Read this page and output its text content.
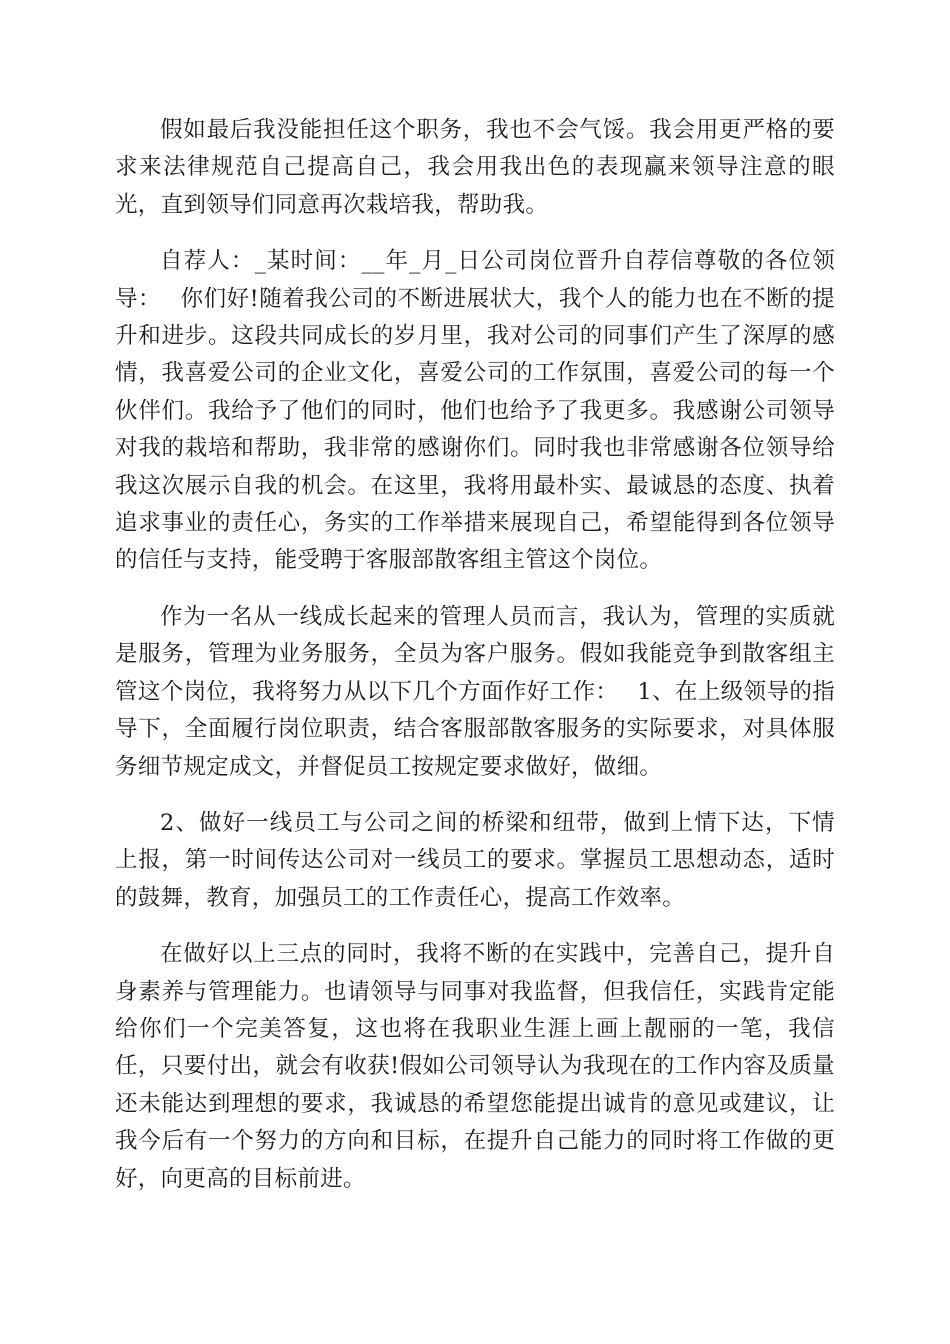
假如最后我没能担任这个职务，我也不会气馁。我会用更严格的要求来法律规范自己提高自己，我会用我出色的表现赢来领导注意的眼光，直到领导们同意再次栽培我，帮助我。

自荐人：_某时间：__年_月_日公司岗位晋升自荐信尊敬的各位领导：　 你们好!随着我公司的不断进展状大，我个人的能力也在不断的提升和进步。这段共同成长的岁月里，我对公司的同事们产生了深厚的感情，我喜爱公司的企业文化，喜爱公司的工作氛围，喜爱公司的每一个伙伴们。我给予了他们的同时，他们也给予了我更多。我感谢公司领导对我的栽培和帮助，我非常的感谢你们。同时我也非常感谢各位领导给我这次展示自我的机会。在这里，我将用最朴实、最诚恳的态度、执着追求事业的责任心，务实的工作举措来展现自己，希望能得到各位领导的信任与支持，能受聘于客服部散客组主管这个岗位。

作为一名从一线成长起来的管理人员而言，我认为，管理的实质就是服务，管理为业务服务，全员为客户服务。假如我能竞争到散客组主管这个岗位，我将努力从以下几个方面作好工作：　 1、在上级领导的指导下，全面履行岗位职责，结合客服部散客服务的实际要求，对具体服务细节规定成文，并督促员工按规定要求做好，做细。

2、做好一线员工与公司之间的桥梁和纽带，做到上情下达，下情上报，第一时间传达公司对一线员工的要求。掌握员工思想动态，适时的鼓舞，教育，加强员工的工作责任心，提高工作效率。

在做好以上三点的同时，我将不断的在实践中，完善自己，提升自身素养与管理能力。也请领导与同事对我监督，但我信任，实践肯定能给你们一个完美答复，这也将在我职业生涯上画上靓丽的一笔，我信任，只要付出，就会有收获!假如公司领导认为我现在的工作内容及质量还未能达到理想的要求，我诚恳的希望您能提出诚肯的意见或建议，让我今后有一个努力的方向和目标，在提升自己能力的同时将工作做的更好，向更高的目标前进。
